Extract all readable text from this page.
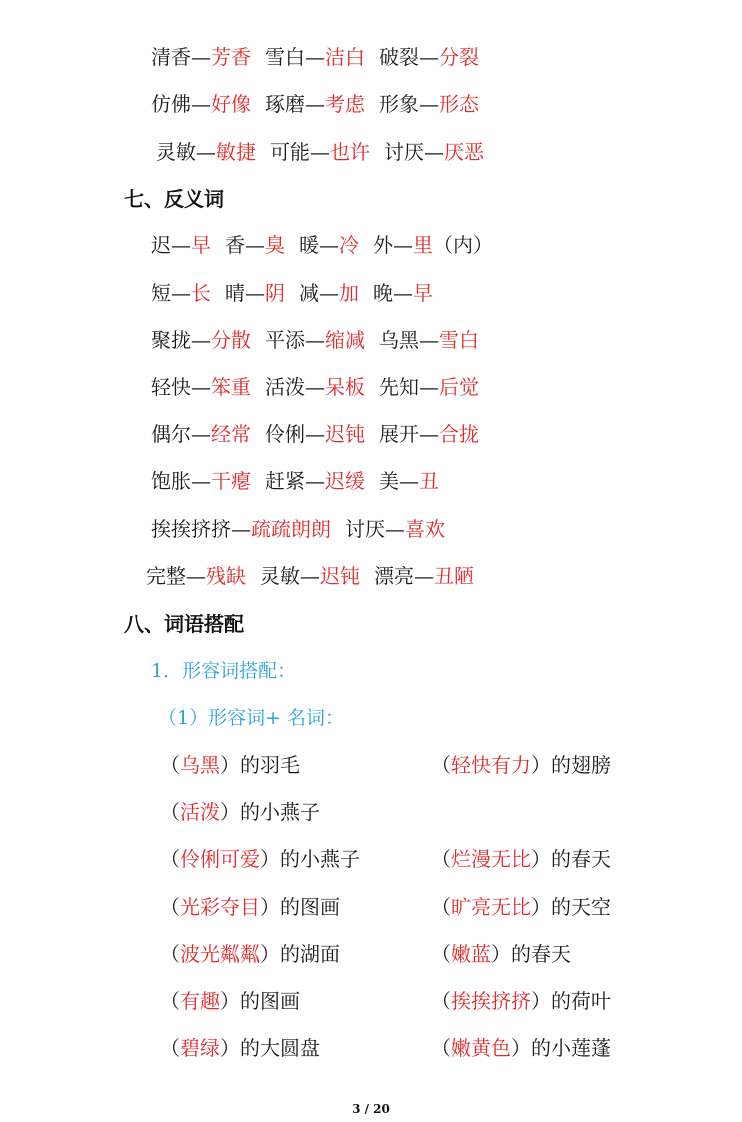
清香—芳香 雪白—洁白 破裂—分裂
仿佛—好像 琢磨—考虑 形象—形态
灵敏—敏捷 可能—也许 讨厌—厌恶
七、反义词
迟—早 香—臭 暖—冷 外—里（内）
短—长 晴—阴 减—加 晚—早
聚拢—分散 平添—缩减 乌黑—雪白
轻快—笨重 活泼—呆板 先知—后觉
偶尔—经常 伶俐—迟钝 展开—合拢
饱胀—干瘪 赶紧—迟缓 美—丑
挨挨挤挤—疏疏朗朗 讨厌—喜欢
完整—残缺 灵敏—迟钝 漂亮—丑陋
八、词语搭配
1．形容词搭配：
（1）形容词+ 名词：
（乌黑）的羽毛	（轻快有力）的翅膀
（活泼）的小燕子
（伶俐可爱）的小燕子	（烂漫无比）的春天
（光彩夺目）的图画	（旷亮无比）的天空
（波光粼粼）的湖面	（嫩蓝）的春天
（有趣）的图画	（挨挨挤挤）的荷叶
（碧绿）的大圆盘	（嫩黄色）的小莲蓬
3 / 20
